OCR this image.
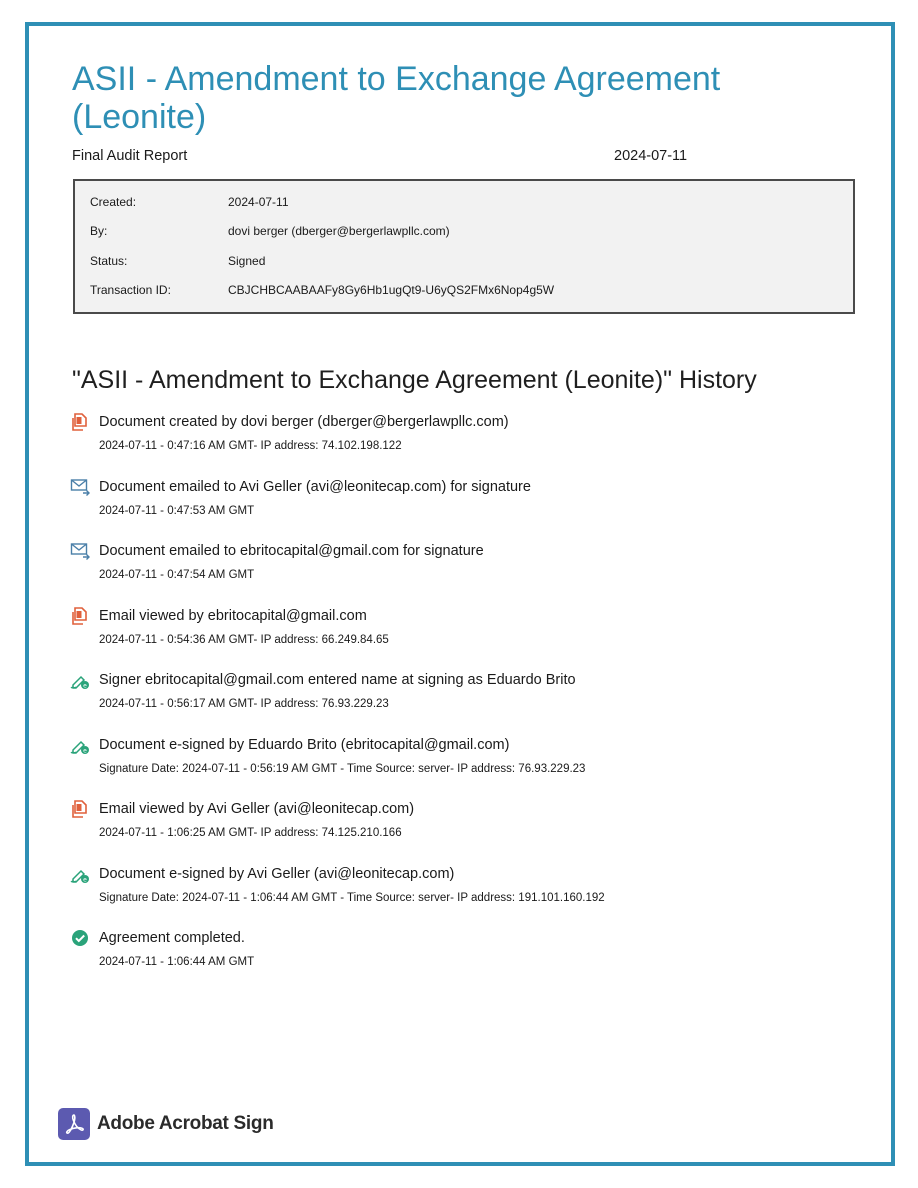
ASII - Amendment to Exchange Agreement (Leonite)
Final Audit Report	2024-07-11
Created:	2024-07-11
By:	dovi berger (dberger@bergerlawpllc.com)
Status:	Signed
Transaction ID:	CBJCHBCAABAAFy8Gy6Hb1ugQt9-U6yQS2FMx6Nop4g5W
"ASII - Amendment to Exchange Agreement (Leonite)" History
Document created by dovi berger (dberger@bergerlawpllc.com)
2024-07-11 - 0:47:16 AM GMT- IP address: 74.102.198.122
Document emailed to Avi Geller (avi@leonitecap.com) for signature
2024-07-11 - 0:47:53 AM GMT
Document emailed to ebritocapital@gmail.com for signature
2024-07-11 - 0:47:54 AM GMT
Email viewed by ebritocapital@gmail.com
2024-07-11 - 0:54:36 AM GMT- IP address: 66.249.84.65
e Signer ebritocapital@gmail.com entered name at signing as Eduardo Brito
2024-07-11 - 0:56:17 AM GMT- IP address: 76.93.229.23
e Document e-signed by Eduardo Brito (ebritocapital@gmail.com)
Signature Date: 2024-07-11 - 0:56:19 AM GMT - Time Source: server- IP address: 76.93.229.23
Email viewed by Avi Geller (avi@leonitecap.com)
2024-07-11 - 1:06:25 AM GMT- IP address: 74.125.210.166
e Document e-signed by Avi Geller (avi@leonitecap.com)
Signature Date: 2024-07-11 - 1:06:44 AM GMT - Time Source: server- IP address: 191.101.160.192
Agreement completed.
2024-07-11 - 1:06:44 AM GMT
Adobe Acrobat Sign
